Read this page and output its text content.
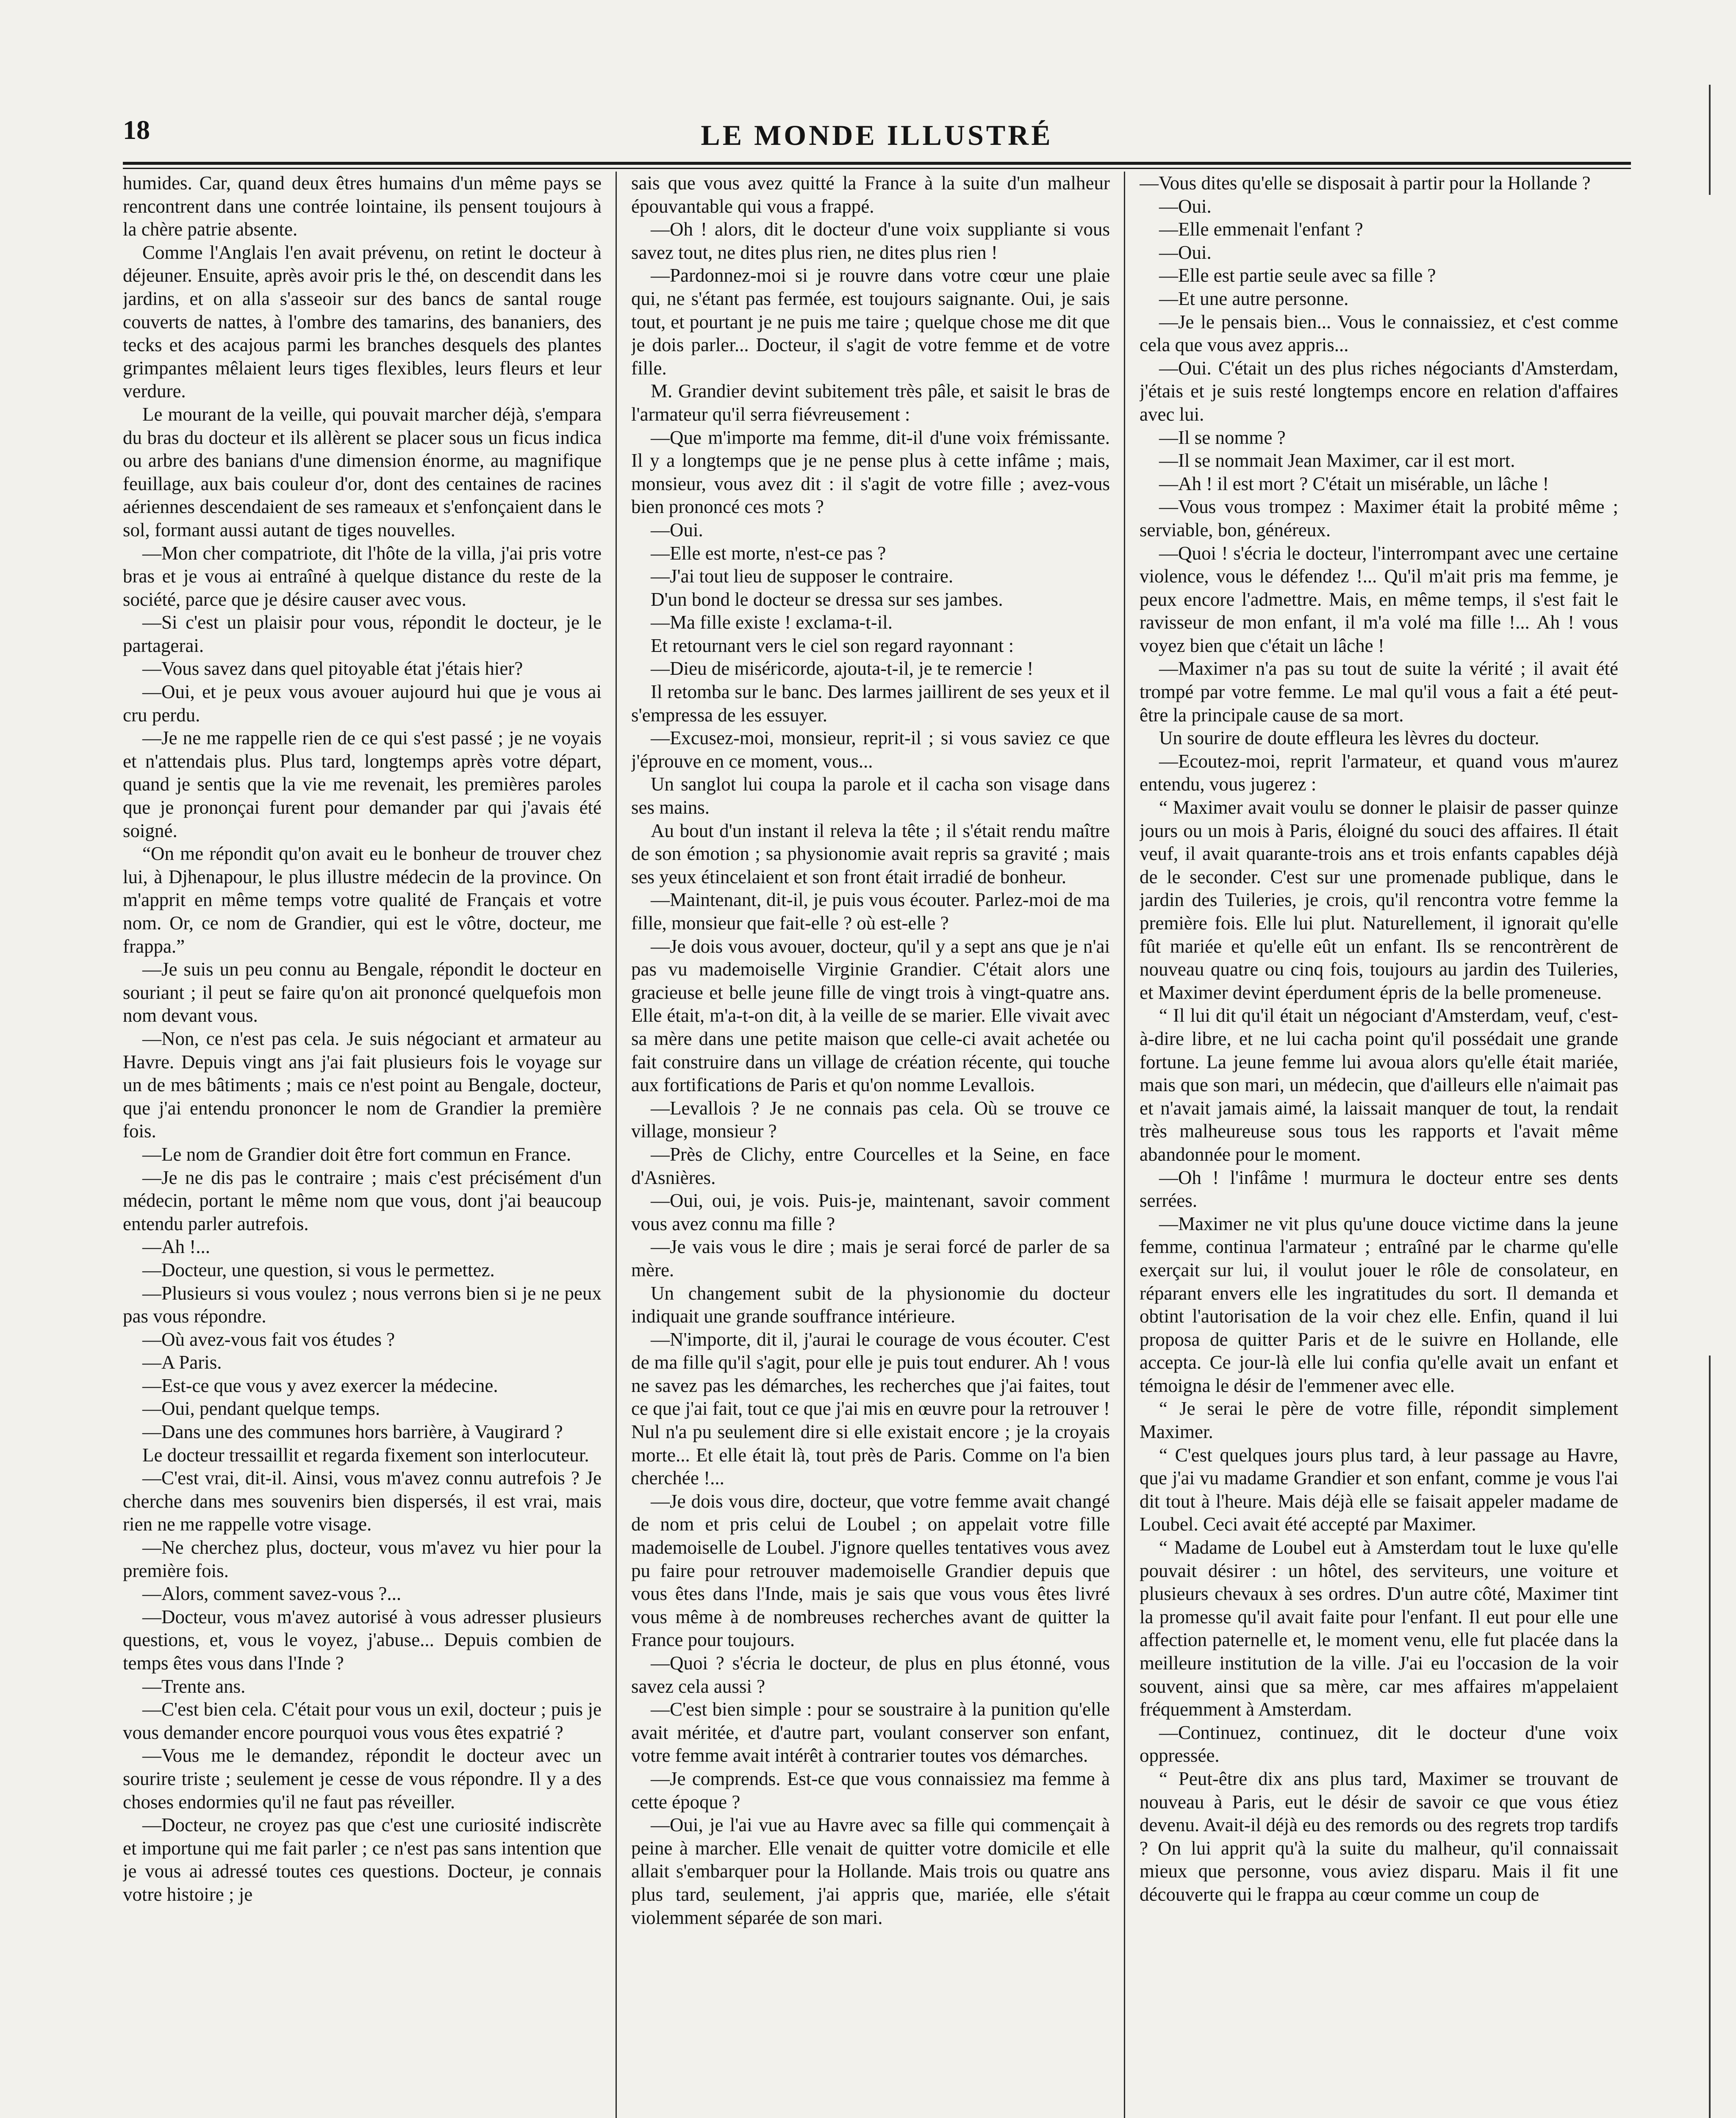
18	LE MONDE ILLUSTRÉ

humides. Car, quand deux êtres humains d'un même pays se rencontrent dans une contrée lointaine, ils pensent toujours à la chère patrie absente.

Comme l'Anglais l'en avait prévenu, on retint le docteur à déjeuner. Ensuite, après avoir pris le thé, on descendit dans les jardins, et on alla s'asseoir sur des bancs de santal rouge couverts de nattes, à l'ombre des tamarins, des bananiers, des tecks et des acajous parmi les branches desquels des plantes grimpantes mêlaient leurs tiges flexibles, leurs fleurs et leur verdure.

Le mourant de la veille, qui pouvait marcher déjà, s'empara du bras du docteur et ils allèrent se placer sous un ficus indica ou arbre des banians d'une dimension énorme, au magnifique feuillage, aux bais couleur d'or, dont des centaines de racines aériennes descendaient de ses rameaux et s'enfonçaient dans le sol, formant aussi autant de tiges nouvelles.

—Mon cher compatriote, dit l'hôte de la villa, j'ai pris votre bras et je vous ai entraîné à quelque distance du reste de la société, parce que je désire causer avec vous.

—Si c'est un plaisir pour vous, répondit le docteur, je le partagerai.

—Vous savez dans quel pitoyable état j'étais hier?

—Oui, et je peux vous avouer aujourd hui que je vous ai cru perdu.

—Je ne me rappelle rien de ce qui s'est passé ; je ne voyais et n'attendais plus. Plus tard, longtemps après votre départ, quand je sentis que la vie me revenait, les premières paroles que je prononçai furent pour demander par qui j'avais été soigné.

“On me répondit qu'on avait eu le bonheur de trouver chez lui, à Djhenapour, le plus illustre médecin de la province. On m'apprit en même temps votre qualité de Français et votre nom. Or, ce nom de Grandier, qui est le vôtre, docteur, me frappa.”

—Je suis un peu connu au Bengale, répondit le docteur en souriant ; il peut se faire qu'on ait prononcé quelquefois mon nom devant vous.

—Non, ce n'est pas cela. Je suis négociant et armateur au Havre. Depuis vingt ans j'ai fait plusieurs fois le voyage sur un de mes bâtiments ; mais ce n'est point au Bengale, docteur, que j'ai entendu prononcer le nom de Grandier la première fois.

—Le nom de Grandier doit être fort commun en France.

—Je ne dis pas le contraire ; mais c'est précisément d'un médecin, portant le même nom que vous, dont j'ai beaucoup entendu parler autrefois.

—Ah !...

—Docteur, une question, si vous le permettez.

—Plusieurs si vous voulez ; nous verrons bien si je ne peux pas vous répondre.

—Où avez-vous fait vos études ?

—A Paris.

—Est-ce que vous y avez exercer la médecine.

—Oui, pendant quelque temps.

—Dans une des communes hors barrière, à Vaugirard ?

Le docteur tressaillit et regarda fixement son interlocuteur.

—C'est vrai, dit-il. Ainsi, vous m'avez connu autrefois ? Je cherche dans mes souvenirs bien dispersés, il est vrai, mais rien ne me rappelle votre visage.

—Ne cherchez plus, docteur, vous m'avez vu hier pour la première fois.

—Alors, comment savez-vous ?...

—Docteur, vous m'avez autorisé à vous adresser plusieurs questions, et, vous le voyez, j'abuse... Depuis combien de temps êtes vous dans l'Inde ?

—Trente ans.

—C'est bien cela. C'était pour vous un exil, docteur ; puis je vous demander encore pourquoi vous vous êtes expatrié ?

—Vous me le demandez, répondit le docteur avec un sourire triste ; seulement je cesse de vous répondre. Il y a des choses endormies qu'il ne faut pas réveiller.

—Docteur, ne croyez pas que c'est une curiosité indiscrète et importune qui me fait parler ; ce n'est pas sans intention que je vous ai adressé toutes ces questions. Docteur, je connais votre histoire ; je

sais que vous avez quitté la France à la suite d'un malheur épouvantable qui vous a frappé.

—Oh ! alors, dit le docteur d'une voix suppliante si vous savez tout, ne dites plus rien, ne dites plus rien !

—Pardonnez-moi si je rouvre dans votre cœur une plaie qui, ne s'étant pas fermée, est toujours saignante. Oui, je sais tout, et pourtant je ne puis me taire ; quelque chose me dit que je dois parler... Docteur, il s'agit de votre femme et de votre fille.

M. Grandier devint subitement très pâle, et saisit le bras de l'armateur qu'il serra fiévreusement :

—Que m'importe ma femme, dit-il d'une voix frémissante. Il y a longtemps que je ne pense plus à cette infâme ; mais, monsieur, vous avez dit : il s'agit de votre fille ; avez-vous bien prononcé ces mots ?

—Oui.

—Elle est morte, n'est-ce pas ?

—J'ai tout lieu de supposer le contraire.

D'un bond le docteur se dressa sur ses jambes.

—Ma fille existe ! exclama-t-il.

Et retournant vers le ciel son regard rayonnant :

—Dieu de miséricorde, ajouta-t-il, je te remercie !

Il retomba sur le banc. Des larmes jaillirent de ses yeux et il s'empressa de les essuyer.

—Excusez-moi, monsieur, reprit-il ; si vous saviez ce que j'éprouve en ce moment, vous...

Un sanglot lui coupa la parole et il cacha son visage dans ses mains.

Au bout d'un instant il releva la tête ; il s'était rendu maître de son émotion ; sa physionomie avait repris sa gravité ; mais ses yeux étincelaient et son front était irradié de bonheur.

—Maintenant, dit-il, je puis vous écouter. Parlez-moi de ma fille, monsieur que fait-elle ? où est-elle ?

—Je dois vous avouer, docteur, qu'il y a sept ans que je n'ai pas vu mademoiselle Virginie Grandier. C'était alors une gracieuse et belle jeune fille de vingt trois à vingt-quatre ans. Elle était, m'a-t-on dit, à la veille de se marier. Elle vivait avec sa mère dans une petite maison que celle-ci avait achetée ou fait construire dans un village de création récente, qui touche aux fortifications de Paris et qu'on nomme Levallois.

—Levallois ? Je ne connais pas cela. Où se trouve ce village, monsieur ?

—Près de Clichy, entre Courcelles et la Seine, en face d'Asnières.

—Oui, oui, je vois. Puis-je, maintenant, savoir comment vous avez connu ma fille ?

—Je vais vous le dire ; mais je serai forcé de parler de sa mère.

Un changement subit de la physionomie du docteur indiquait une grande souffrance intérieure.

—N'importe, dit il, j'aurai le courage de vous écouter. C'est de ma fille qu'il s'agit, pour elle je puis tout endurer. Ah ! vous ne savez pas les démarches, les recherches que j'ai faites, tout ce que j'ai fait, tout ce que j'ai mis en œuvre pour la retrouver ! Nul n'a pu seulement dire si elle existait encore ; je la croyais morte... Et elle était là, tout près de Paris. Comme on l'a bien cherchée !...

—Je dois vous dire, docteur, que votre femme avait changé de nom et pris celui de Loubel ; on appelait votre fille mademoiselle de Loubel. J'ignore quelles tentatives vous avez pu faire pour retrouver mademoiselle Grandier depuis que vous êtes dans l'Inde, mais je sais que vous vous êtes livré vous même à de nombreuses recherches avant de quitter la France pour toujours.

—Quoi ? s'écria le docteur, de plus en plus étonné, vous savez cela aussi ?

—C'est bien simple : pour se soustraire à la punition qu'elle avait méritée, et d'autre part, voulant conserver son enfant, votre femme avait intérêt à contrarier toutes vos démarches.

—Je comprends. Est-ce que vous connaissiez ma femme à cette époque ?

—Oui, je l'ai vue au Havre avec sa fille qui commençait à peine à marcher. Elle venait de quitter votre domicile et elle allait s'embarquer pour la Hollande. Mais trois ou quatre ans plus tard, seulement, j'ai appris que, mariée, elle s'était violemment séparée de son mari.

—Vous dites qu'elle se disposait à partir pour la Hollande ?

—Oui.

—Elle emmenait l'enfant ?

—Oui.

—Elle est partie seule avec sa fille ?

—Et une autre personne.

—Je le pensais bien... Vous le connaissiez, et c'est comme cela que vous avez appris...

—Oui. C'était un des plus riches négociants d'Amsterdam, j'étais et je suis resté longtemps encore en relation d'affaires avec lui.

—Il se nomme ?

—Il se nommait Jean Maximer, car il est mort.

—Ah ! il est mort ? C'était un misérable, un lâche !

—Vous vous trompez : Maximer était la probité même ; serviable, bon, généreux.

—Quoi ! s'écria le docteur, l'interrompant avec une certaine violence, vous le défendez !... Qu'il m'ait pris ma femme, je peux encore l'admettre. Mais, en même temps, il s'est fait le ravisseur de mon enfant, il m'a volé ma fille !... Ah ! vous voyez bien que c'était un lâche !

—Maximer n'a pas su tout de suite la vérité ; il avait été trompé par votre femme. Le mal qu'il vous a fait a été peut-être la principale cause de sa mort.

Un sourire de doute effleura les lèvres du docteur.

—Ecoutez-moi, reprit l'armateur, et quand vous m'aurez entendu, vous jugerez :

“ Maximer avait voulu se donner le plaisir de passer quinze jours ou un mois à Paris, éloigné du souci des affaires. Il était veuf, il avait quarante-trois ans et trois enfants capables déjà de le seconder. C'est sur une promenade publique, dans le jardin des Tuileries, je crois, qu'il rencontra votre femme la première fois. Elle lui plut. Naturellement, il ignorait qu'elle fût mariée et qu'elle eût un enfant. Ils se rencontrèrent de nouveau quatre ou cinq fois, toujours au jardin des Tuileries, et Maximer devint éperdument épris de la belle promeneuse.

“ Il lui dit qu'il était un négociant d'Amsterdam, veuf, c'est-à-dire libre, et ne lui cacha point qu'il possédait une grande fortune. La jeune femme lui avoua alors qu'elle était mariée, mais que son mari, un médecin, que d'ailleurs elle n'aimait pas et n'avait jamais aimé, la laissait manquer de tout, la rendait très malheureuse sous tous les rapports et l'avait même abandonnée pour le moment.

—Oh ! l'infâme ! murmura le docteur entre ses dents serrées.

—Maximer ne vit plus qu'une douce victime dans la jeune femme, continua l'armateur ; entraîné par le charme qu'elle exerçait sur lui, il voulut jouer le rôle de consolateur, en réparant envers elle les ingratitudes du sort. Il demanda et obtint l'autorisation de la voir chez elle. Enfin, quand il lui proposa de quitter Paris et de le suivre en Hollande, elle accepta. Ce jour-là elle lui confia qu'elle avait un enfant et témoigna le désir de l'emmener avec elle.

“ Je serai le père de votre fille, répondit simplement Maximer.

“ C'est quelques jours plus tard, à leur passage au Havre, que j'ai vu madame Grandier et son enfant, comme je vous l'ai dit tout à l'heure. Mais déjà elle se faisait appeler madame de Loubel. Ceci avait été accepté par Maximer.

“ Madame de Loubel eut à Amsterdam tout le luxe qu'elle pouvait désirer : un hôtel, des serviteurs, une voiture et plusieurs chevaux à ses ordres. D'un autre côté, Maximer tint la promesse qu'il avait faite pour l'enfant. Il eut pour elle une affection paternelle et, le moment venu, elle fut placée dans la meilleure institution de la ville. J'ai eu l'occasion de la voir souvent, ainsi que sa mère, car mes affaires m'appelaient fréquemment à Amsterdam.

—Continuez, continuez, dit le docteur d'une voix oppressée.

“ Peut-être dix ans plus tard, Maximer se trouvant de nouveau à Paris, eut le désir de savoir ce que vous étiez devenu. Avait-il déjà eu des remords ou des regrets trop tardifs ? On lui apprit qu'à la suite du malheur, qu'il connaissait mieux que personne, vous aviez disparu. Mais il fit une découverte qui le frappa au cœur comme un coup de
